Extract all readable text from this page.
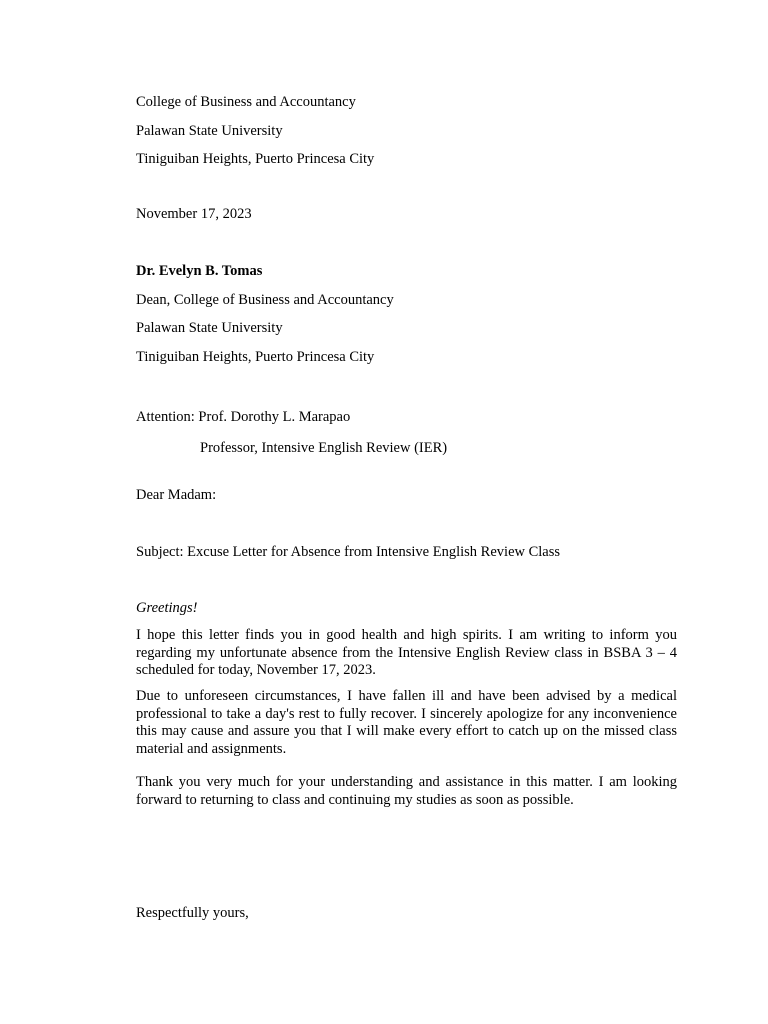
College of Business and Accountancy
Palawan State University
Tiniguiban Heights, Puerto Princesa City
November 17, 2023
Dr. Evelyn B. Tomas
Dean, College of Business and Accountancy
Palawan State University
Tiniguiban Heights, Puerto Princesa City
Attention: Prof. Dorothy L. Marapao
Professor, Intensive English Review (IER)
Dear Madam:
Subject: Excuse Letter for Absence from Intensive English Review Class
Greetings!

I hope this letter finds you in good health and high spirits. I am writing to inform you regarding my unfortunate absence from the Intensive English Review class in BSBA 3 – 4 scheduled for today, November 17, 2023.

Due to unforeseen circumstances, I have fallen ill and have been advised by a medical professional to take a day's rest to fully recover. I sincerely apologize for any inconvenience this may cause and assure you that I will make every effort to catch up on the missed class material and assignments.

Thank you very much for your understanding and assistance in this matter. I am looking forward to returning to class and continuing my studies as soon as possible.

Respectfully yours,
